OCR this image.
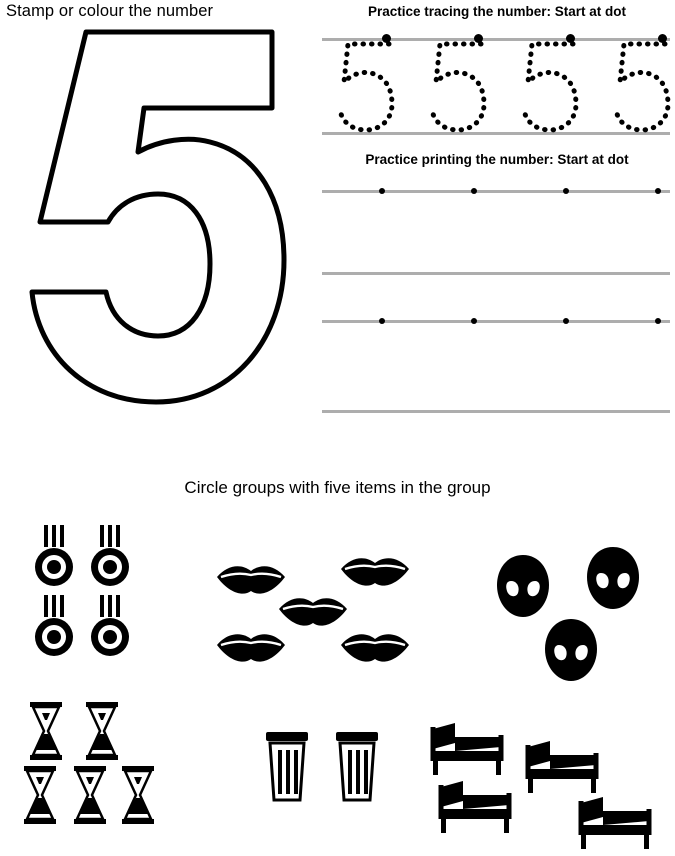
Stamp or colour the number	Practice tracing the number: Start at dot
Practice printing the number: Start at dot
Circle groups with five items in the group
